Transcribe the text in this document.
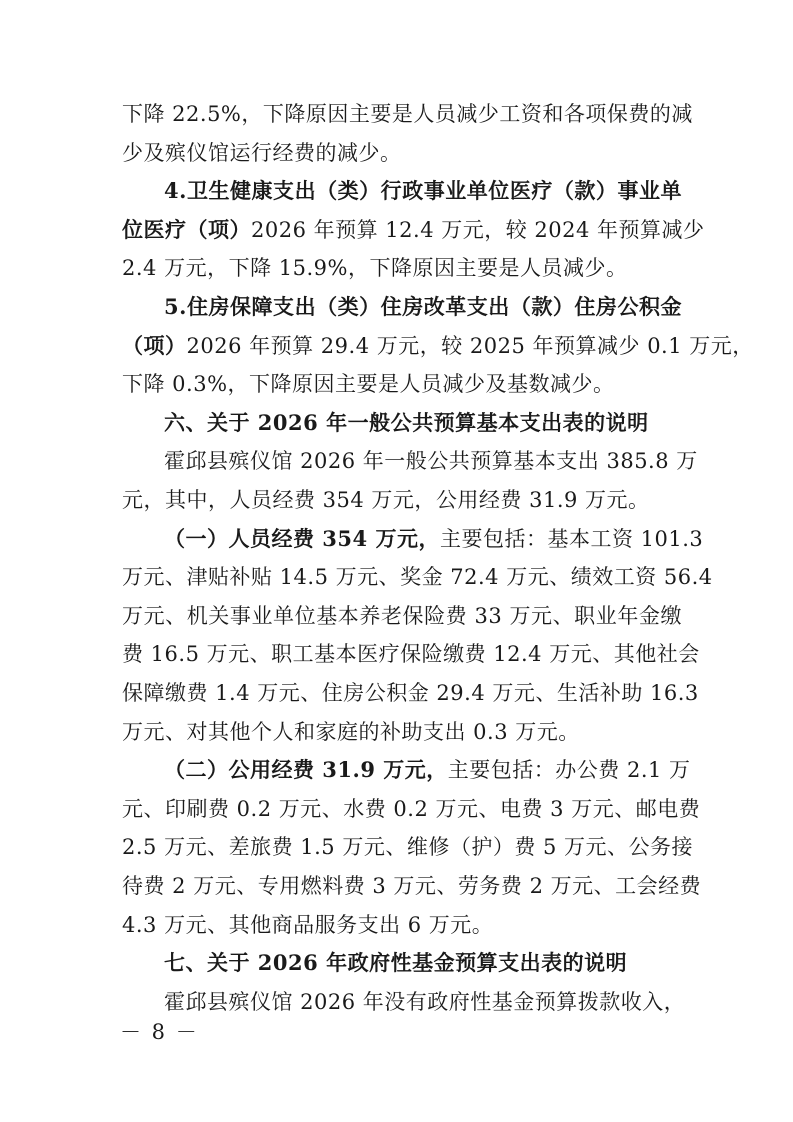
下降 22.5%，下降原因主要是人员减少工资和各项保费的减
少及殡仪馆运行经费的减少。
4.卫生健康支出（类）行政事业单位医疗（款）事业单
位医疗（项）2026 年预算 12.4 万元，较 2024 年预算减少
2.4 万元，下降 15.9%，下降原因主要是人员减少。
5.住房保障支出（类）住房改革支出（款）住房公积金
（项）2026 年预算 29.4 万元，较 2025 年预算减少 0.1 万元，
下降 0.3%，下降原因主要是人员减少及基数减少。
六、关于 2026 年一般公共预算基本支出表的说明
霍邱县殡仪馆 2026 年一般公共预算基本支出 385.8 万
元，其中，人员经费 354 万元，公用经费 31.9 万元。
（一）人员经费 354 万元，主要包括：基本工资 101.3
万元、津贴补贴 14.5 万元、奖金 72.4 万元、绩效工资 56.4
万元、机关事业单位基本养老保险费 33 万元、职业年金缴
费 16.5 万元、职工基本医疗保险缴费 12.4 万元、其他社会
保障缴费 1.4 万元、住房公积金 29.4 万元、生活补助 16.3
万元、对其他个人和家庭的补助支出 0.3 万元。
（二）公用经费 31.9 万元，主要包括：办公费 2.1 万
元、印刷费 0.2 万元、水费 0.2 万元、电费 3 万元、邮电费
2.5 万元、差旅费 1.5 万元、维修（护）费 5 万元、公务接
待费 2 万元、专用燃料费 3 万元、劳务费 2 万元、工会经费
4.3 万元、其他商品服务支出 6 万元。
七、关于 2026 年政府性基金预算支出表的说明
霍邱县殡仪馆 2026 年没有政府性基金预算拨款收入，
－ 8 －
